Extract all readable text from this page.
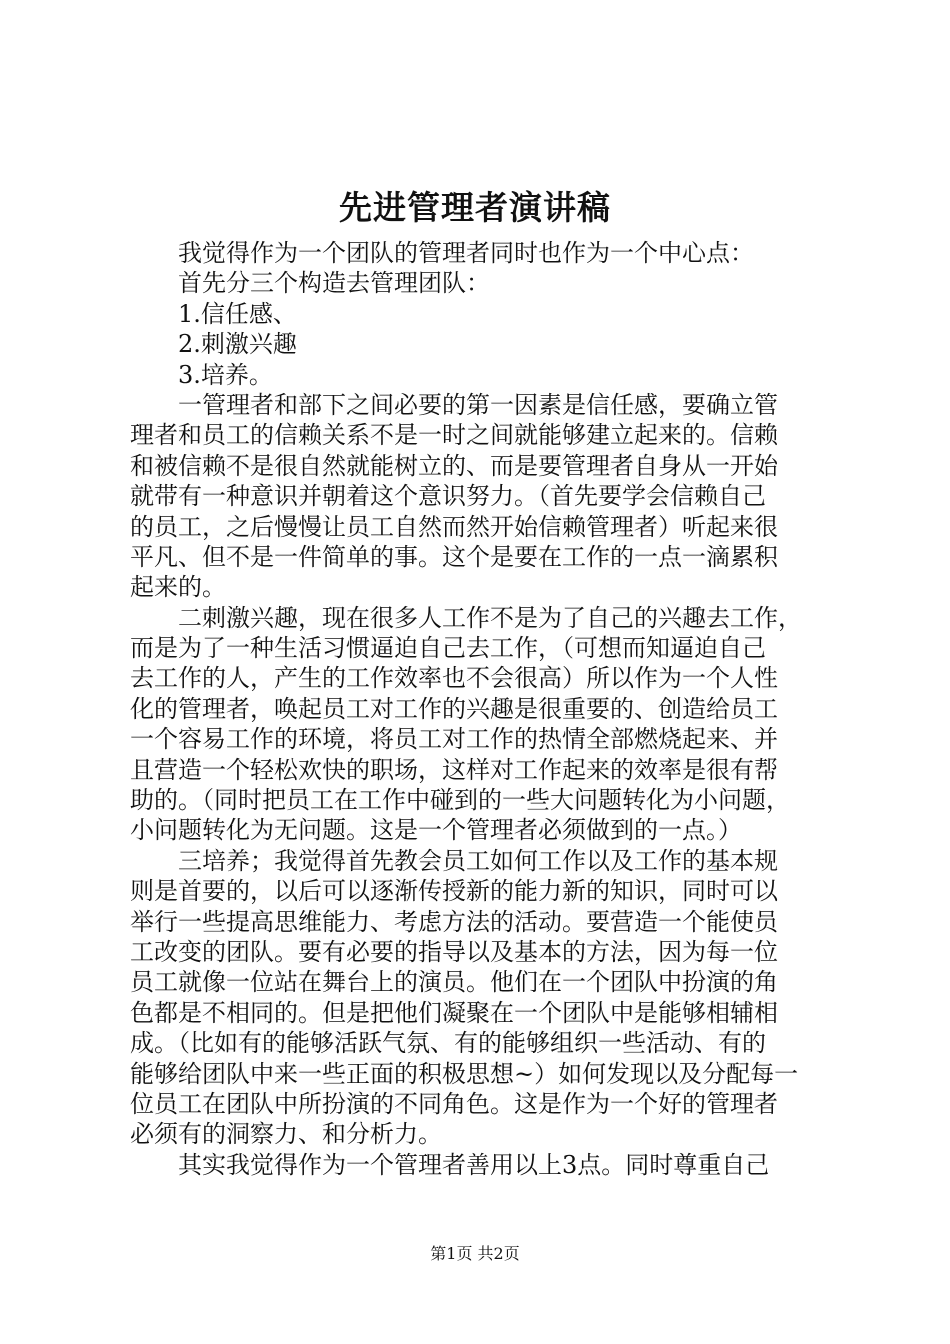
先进管理者演讲稿
我觉得作为一个团队的管理者同时也作为一个中心点：
首先分三个构造去管理团队：
1.信任感、
2.刺激兴趣
3.培养。
一管理者和部下之间必要的第一因素是信任感，要确立管
理者和员工的信赖关系不是一时之间就能够建立起来的。信赖
和被信赖不是很自然就能树立的、而是要管理者自身从一开始
就带有一种意识并朝着这个意识努力。（首先要学会信赖自己
的员工，之后慢慢让员工自然而然开始信赖管理者）听起来很
平凡、但不是一件简单的事。这个是要在工作的一点一滴累积
起来的。
二刺激兴趣，现在很多人工作不是为了自己的兴趣去工作，
而是为了一种生活习惯逼迫自己去工作，（可想而知逼迫自己
去工作的人，产生的工作效率也不会很高）所以作为一个人性
化的管理者，唤起员工对工作的兴趣是很重要的、创造给员工
一个容易工作的环境，将员工对工作的热情全部燃烧起来、并
且营造一个轻松欢快的职场，这样对工作起来的效率是很有帮
助的。（同时把员工在工作中碰到的一些大问题转化为小问题，
小问题转化为无问题。这是一个管理者必须做到的一点。）
三培养；我觉得首先教会员工如何工作以及工作的基本规
则是首要的，以后可以逐渐传授新的能力新的知识，同时可以
举行一些提高思维能力、考虑方法的活动。要营造一个能使员
工改变的团队。要有必要的指导以及基本的方法，因为每一位
员工就像一位站在舞台上的演员。他们在一个团队中扮演的角
色都是不相同的。但是把他们凝聚在一个团队中是能够相辅相
成。（比如有的能够活跃气氛、有的能够组织一些活动、有的
能够给团队中来一些正面的积极思想~）如何发现以及分配每一
位员工在团队中所扮演的不同角色。这是作为一个好的管理者
必须有的洞察力、和分析力。
其实我觉得作为一个管理者善用以上3点。同时尊重自己
第1页 共2页
